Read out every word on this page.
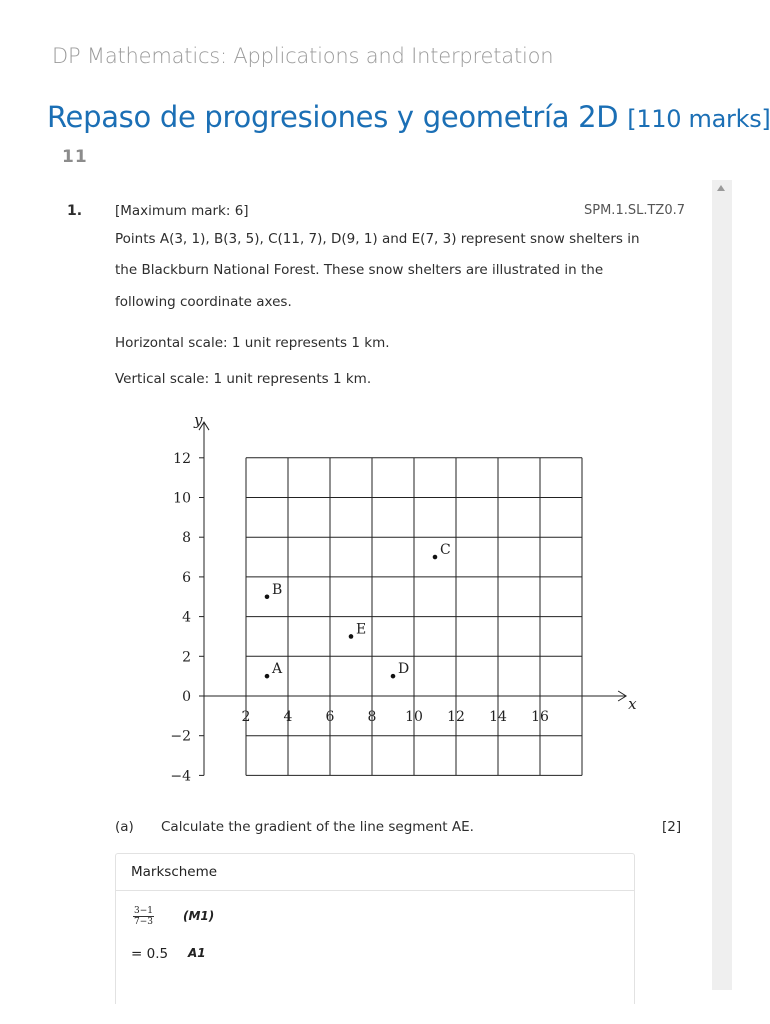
DP Mathematics: Applications and Interpretation
Repaso de progresiones y geometría 2D [110 marks]
11
1. [Maximum mark: 6]	SPM.1.SL.TZ0.7
Points A(3, 1), B(3, 5), C(11, 7), D(9, 1) and E(7, 3) represent snow shelters in
the Blackburn National Forest. These snow shelters are illustrated in the
following coordinate axes.
Horizontal scale: 1 unit represents 1 km.
Vertical scale: 1 unit represents 1 km.
y
x
2 4 6 8 10 12 14 16
12
10
8
6
4
2
0
−2
−4
A
B
C
D
E
(a) Calculate the gradient of the line segment AE.	[2]
Markscheme
$\frac{3-1}{7-3} (M1)$
= 0.5 A1
